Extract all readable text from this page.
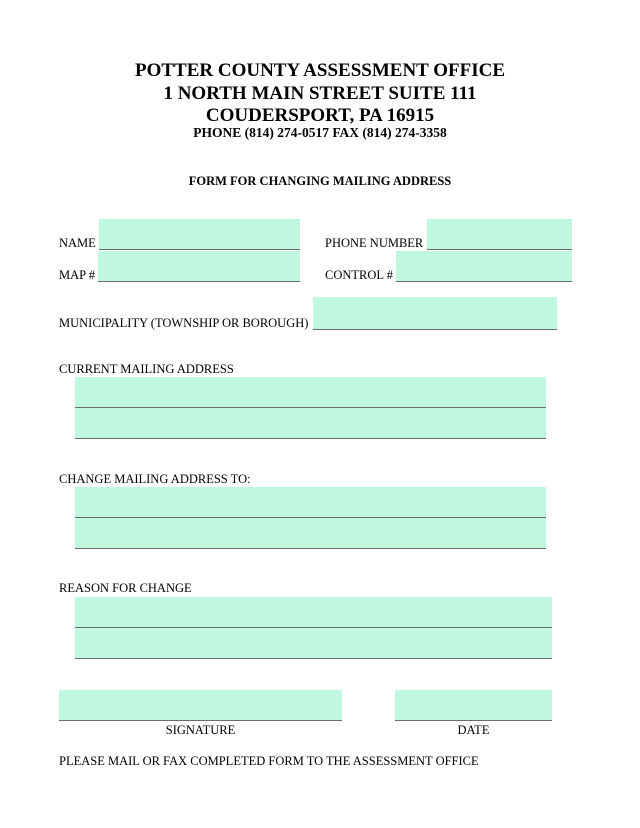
POTTER COUNTY ASSESSMENT OFFICE
1 NORTH MAIN STREET SUITE 111
COUDERSPORT, PA 16915
PHONE (814) 274-0517 FAX (814) 274-3358
FORM FOR CHANGING MAILING ADDRESS
NAME	PHONE NUMBER
MAP #	CONTROL #
MUNICIPALITY (TOWNSHIP OR BOROUGH)
CURRENT MAILING ADDRESS
CHANGE MAILING ADDRESS TO:
REASON FOR CHANGE
SIGNATURE	DATE
PLEASE MAIL OR FAX COMPLETED FORM TO THE ASSESSMENT OFFICE
